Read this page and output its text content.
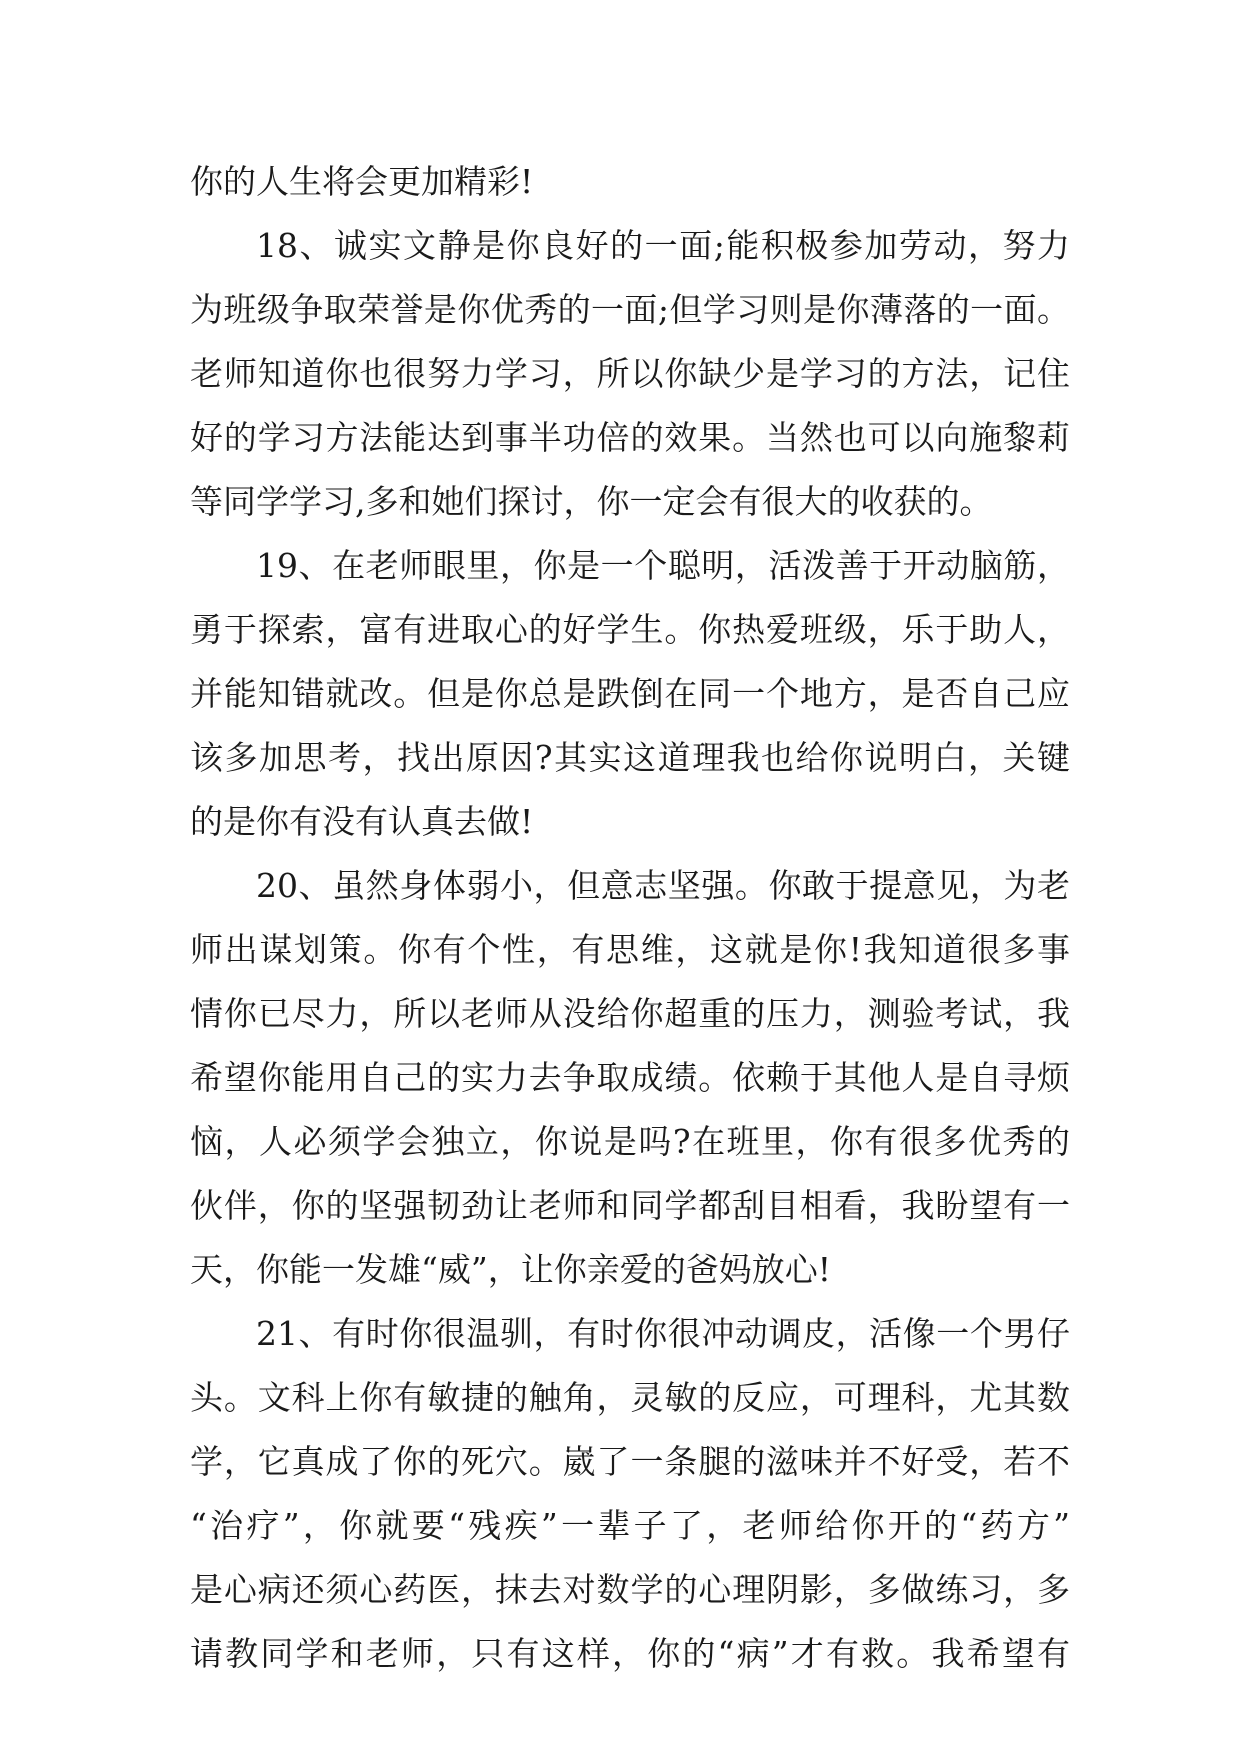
你的人生将会更加精彩!
18、诚实文静是你良好的一面;能积极参加劳动，努力
为班级争取荣誉是你优秀的一面;但学习则是你薄落的一面。
老师知道你也很努力学习，所以你缺少是学习的方法，记住
好的学习方法能达到事半功倍的效果。当然也可以向施黎莉
等同学学习,多和她们探讨，你一定会有很大的收获的。
19、在老师眼里，你是一个聪明，活泼善于开动脑筋，
勇于探索，富有进取心的好学生。你热爱班级，乐于助人，
并能知错就改。但是你总是跌倒在同一个地方，是否自己应
该多加思考，找出原因?其实这道理我也给你说明白，关键
的是你有没有认真去做!
20、虽然身体弱小，但意志坚强。你敢于提意见，为老
师出谋划策。你有个性，有思维，这就是你!我知道很多事
情你已尽力，所以老师从没给你超重的压力，测验考试，我
希望你能用自己的实力去争取成绩。依赖于其他人是自寻烦
恼，人必须学会独立，你说是吗?在班里，你有很多优秀的
伙伴，你的坚强韧劲让老师和同学都刮目相看，我盼望有一
天，你能一发雄“威”，让你亲爱的爸妈放心!
21、有时你很温驯，有时你很冲动调皮，活像一个男仔
头。文科上你有敏捷的触角，灵敏的反应，可理科，尤其数
学，它真成了你的死穴。崴了一条腿的滋味并不好受，若不
“治疗”，你就要“残疾”一辈子了，老师给你开的“药方”
是心病还须心药医，抹去对数学的心理阴影，多做练习，多
请教同学和老师，只有这样，你的“病”才有救。我希望有
